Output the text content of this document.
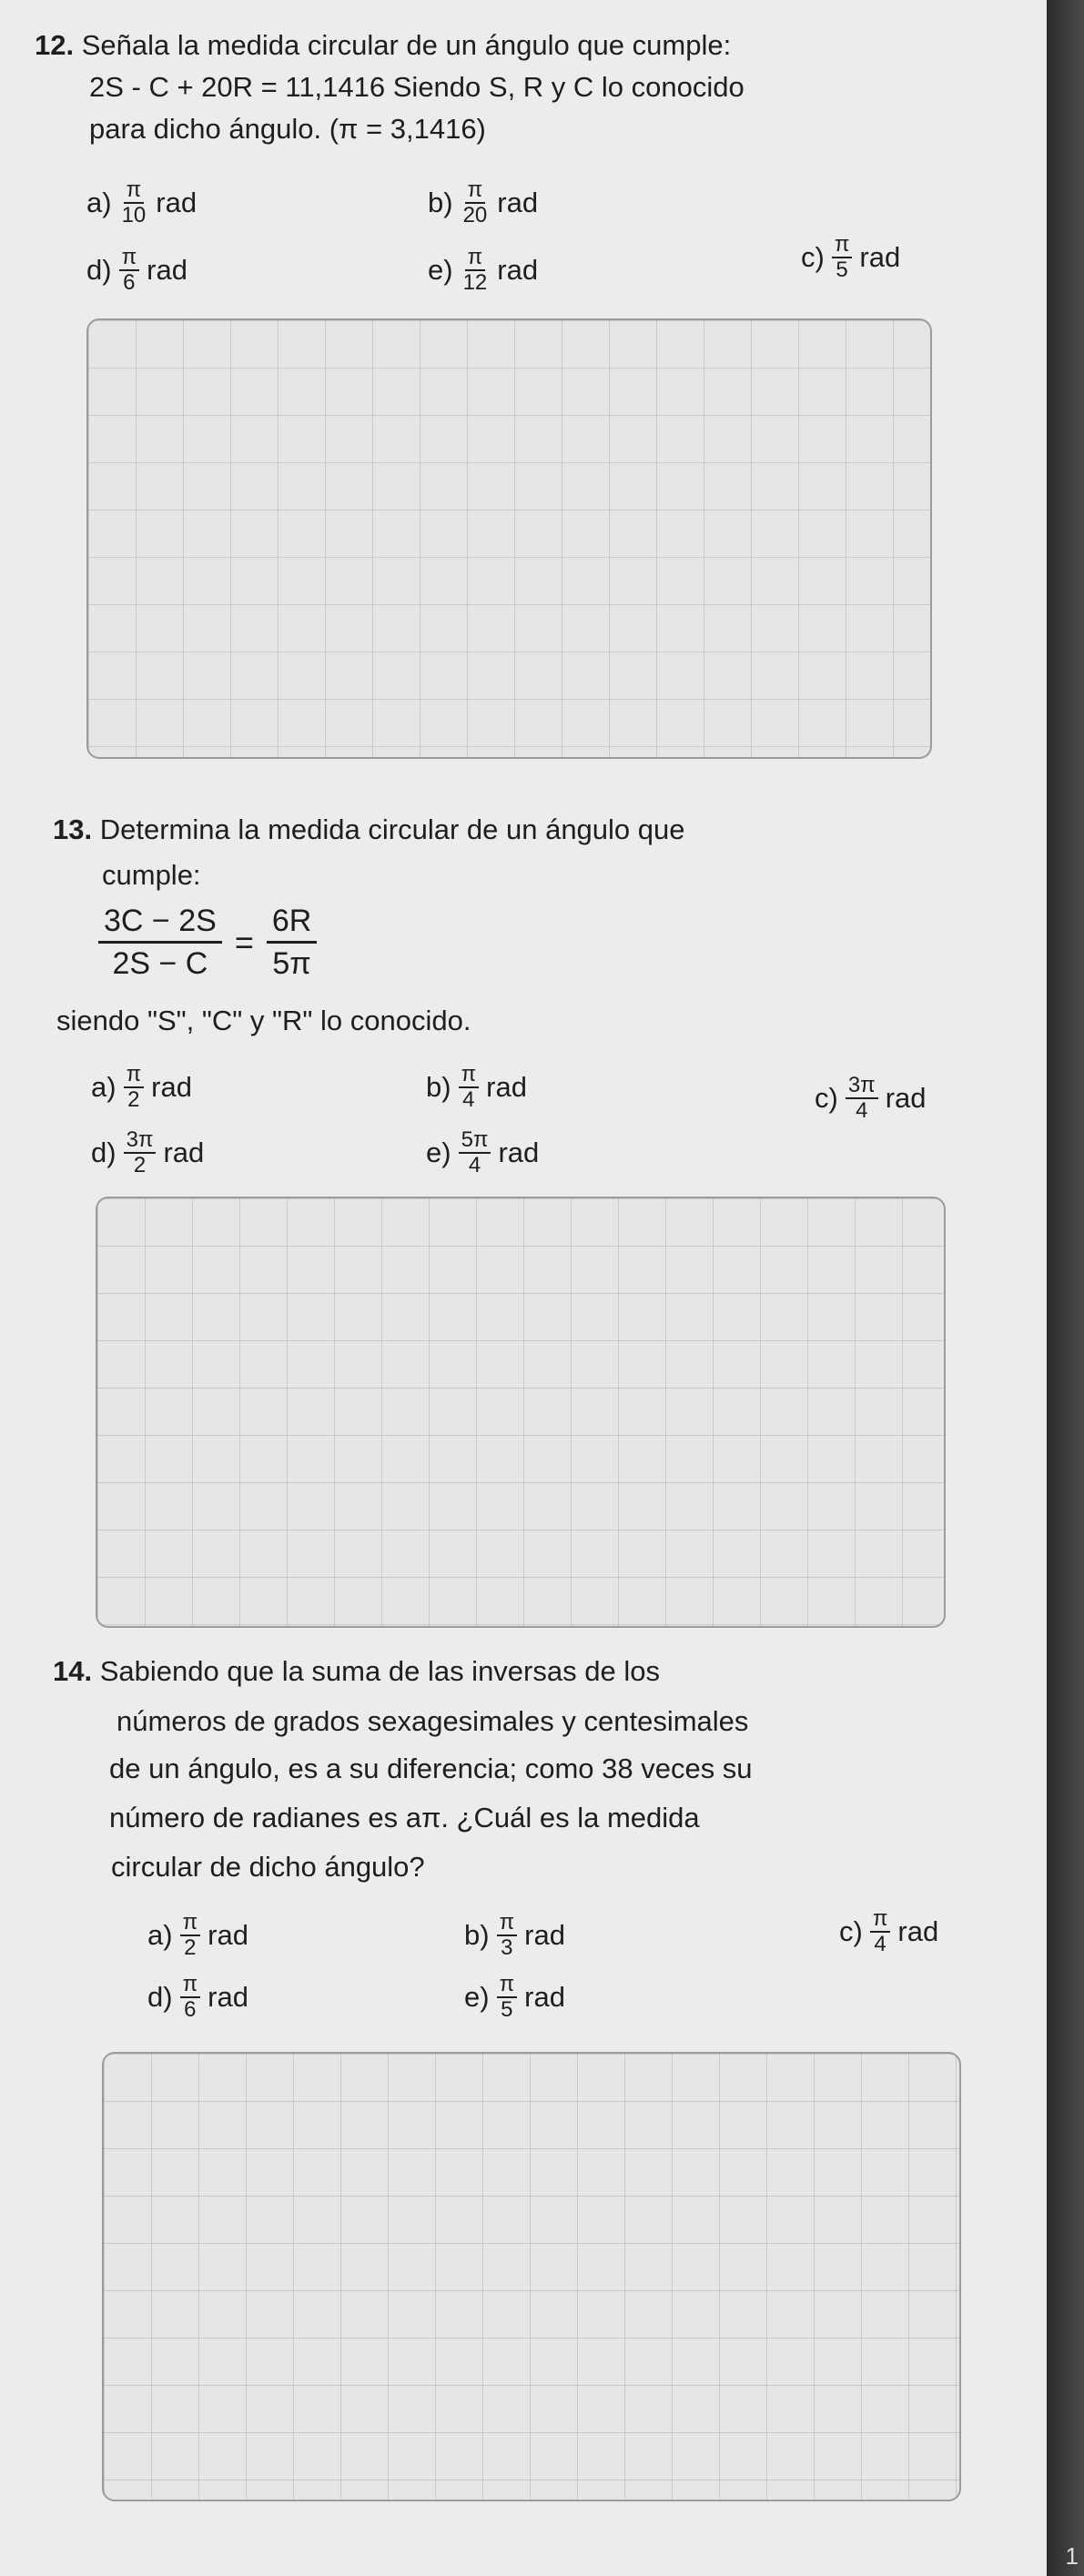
12. Señala la medida circular de un ángulo que cumple:

2S - C + 20R = 11,1416 Siendo S, R y C lo conocido

para dicho ángulo. (π = 3,1416)

$a) \frac{\pi}{10}$ rad	$b) \frac{\pi}{20}$ rad
$c) \frac{\pi}{5}$ rad
$d) \frac{\pi}{6}$ rad	$e) \frac{\pi}{12}$ rad

13. Determina la medida circular de un ángulo que

cumple:

$\frac{3C - 2S}{2S - C} = \frac{6R}{5\pi}$

siendo "S", "C" y "R" lo conocido.

$a) \frac{\pi}{2}$ rad	$b) \frac{\pi}{4}$ rad	$c) \frac{3\pi}{4}$ rad
$d) \frac{3\pi}{2}$ rad	$e) \frac{5\pi}{4}$ rad

14. Sabiendo que la suma de las inversas de los

números de grados sexagesimales y centesimales

de un ángulo, es a su diferencia; como 38 veces su

número de radianes es aπ. ¿Cuál es la medida

circular de dicho ángulo?

$a) \frac{\pi}{2}$ rad	$b) \frac{\pi}{3}$ rad	$c) \frac{\pi}{4}$ rad
$d) \frac{\pi}{6}$ rad	$e) \frac{\pi}{5}$ rad
1
